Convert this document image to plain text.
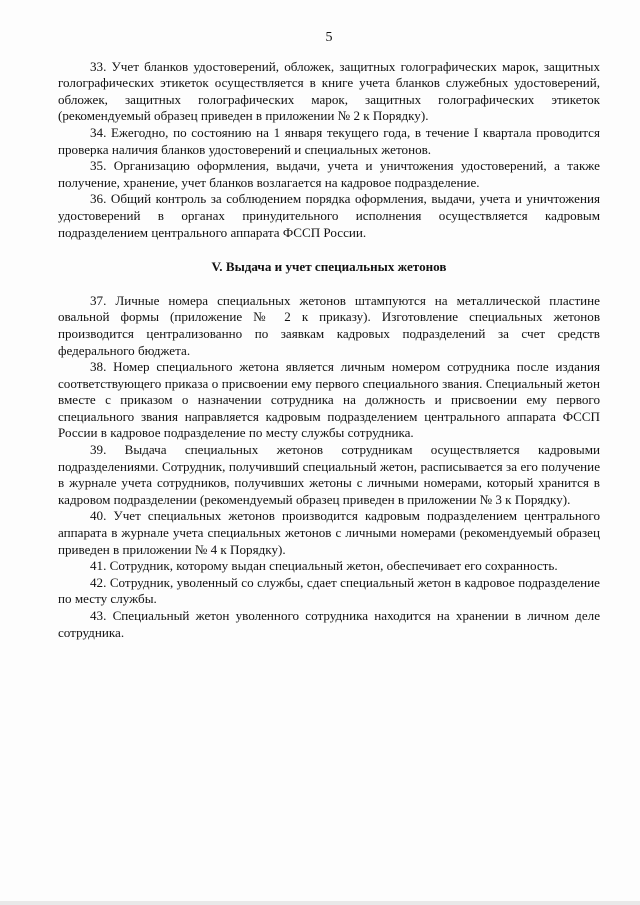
5

33. Учет бланков удостоверений, обложек, защитных голографических марок, защитных голографических этикеток осуществляется в книге учета бланков служебных удостоверений, обложек, защитных голографических марок, защитных голографических этикеток (рекомендуемый образец приведен в приложении № 2 к Порядку).

34. Ежегодно, по состоянию на 1 января текущего года, в течение I квартала проводится проверка наличия бланков удостоверений и специальных жетонов.

35. Организацию оформления, выдачи, учета и уничтожения удостоверений, а также получение, хранение, учет бланков возлагается на кадровое подразделение.

36. Общий контроль за соблюдением порядка оформления, выдачи, учета и уничтожения удостоверений в органах принудительного исполнения осуществляется кадровым подразделением центрального аппарата ФССП России.

V. Выдача и учет специальных жетонов

37. Личные номера специальных жетонов штампуются на металлической пластине овальной формы (приложение № 2 к приказу). Изготовление специальных жетонов производится централизованно по заявкам кадровых подразделений за счет средств федерального бюджета.

38. Номер специального жетона является личным номером сотрудника после издания соответствующего приказа о присвоении ему первого специального звания. Специальный жетон вместе с приказом о назначении сотрудника на должность и присвоении ему первого специального звания направляется кадровым подразделением центрального аппарата ФССП России в кадровое подразделение по месту службы сотрудника.

39. Выдача специальных жетонов сотрудникам осуществляется кадровыми подразделениями. Сотрудник, получивший специальный жетон, расписывается за его получение в журнале учета сотрудников, получивших жетоны с личными номерами, который хранится в кадровом подразделении (рекомендуемый образец приведен в приложении № 3 к Порядку).

40. Учет специальных жетонов производится кадровым подразделением центрального аппарата в журнале учета специальных жетонов с личными номерами (рекомендуемый образец приведен в приложении № 4 к Порядку).

41. Сотрудник, которому выдан специальный жетон, обеспечивает его сохранность.

42. Сотрудник, уволенный со службы, сдает специальный жетон в кадровое подразделение по месту службы.

43. Специальный жетон уволенного сотрудника находится на хранении в личном деле сотрудника.
